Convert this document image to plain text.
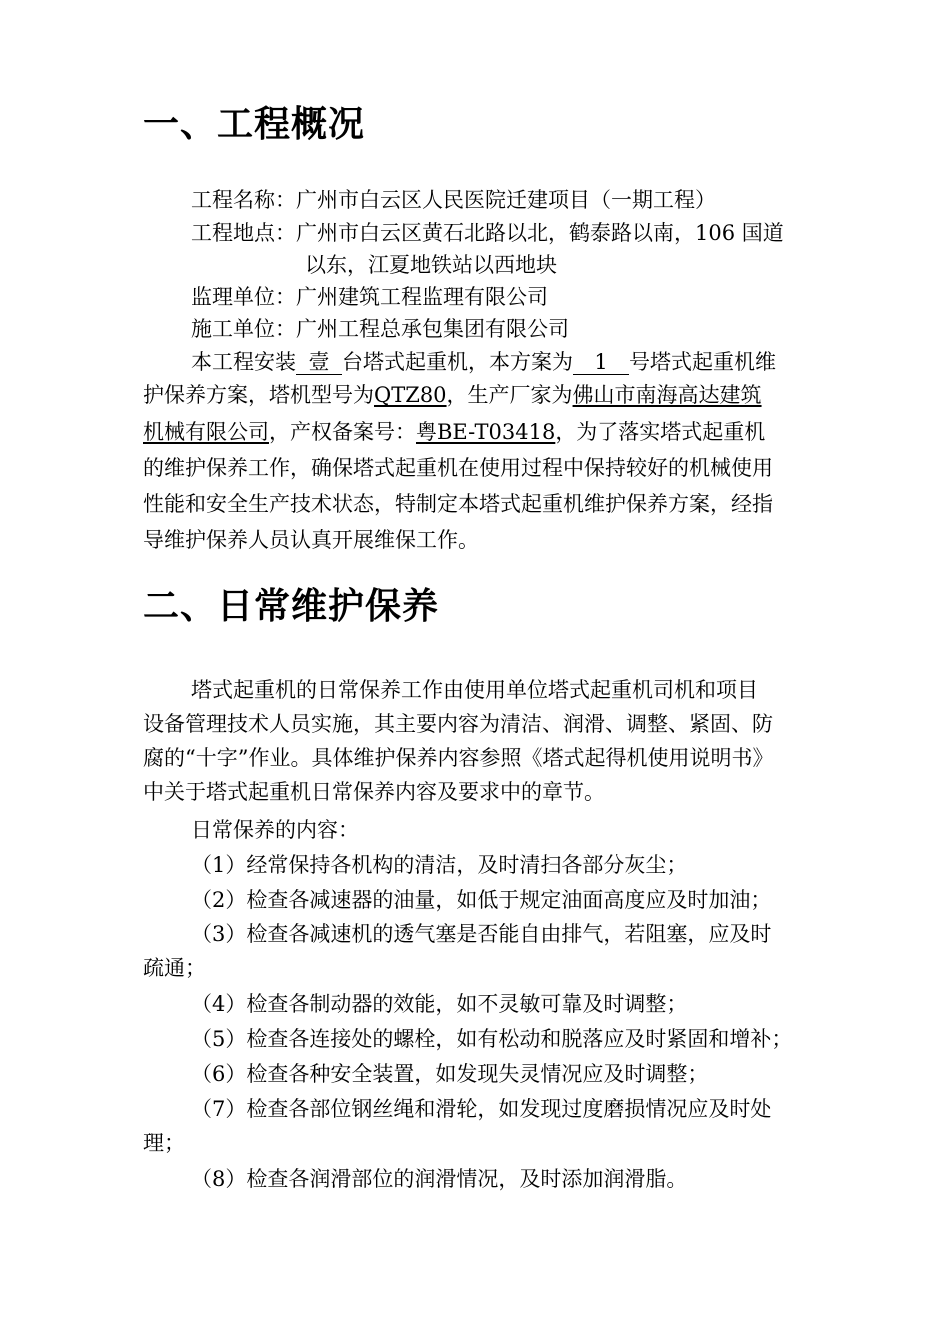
一、工程概况
工程名称：广州市白云区人民医院迁建项目（一期工程）
工程地点：广州市白云区黄石北路以北，鹤泰路以南，106 国道
以东，江夏地铁站以西地块
监理单位：广州建筑工程监理有限公司
施工单位：广州工程总承包集团有限公司
本工程安装 壹 台塔式起重机，本方案为 1 号塔式起重机维
护保养方案，塔机型号为QTZ80，生产厂家为佛山市南海高达建筑
机械有限公司，产权备案号：粤BE-T03418，为了落实塔式起重机
的维护保养工作，确保塔式起重机在使用过程中保持较好的机械使用
性能和安全生产技术状态，特制定本塔式起重机维护保养方案，经指
导维护保养人员认真开展维保工作。
二、日常维护保养
塔式起重机的日常保养工作由使用单位塔式起重机司机和项目
设备管理技术人员实施，其主要内容为清洁、润滑、调整、紧固、防
腐的“十字”作业。具体维护保养内容参照《塔式起得机使用说明书》
中关于塔式起重机日常保养内容及要求中的章节。
日常保养的内容：
（1）经常保持各机构的清洁，及时清扫各部分灰尘；
（2）检查各减速器的油量，如低于规定油面高度应及时加油；
（3）检查各减速机的透气塞是否能自由排气，若阻塞，应及时
疏通；
（4）检查各制动器的效能，如不灵敏可靠及时调整；
（5）检查各连接处的螺栓，如有松动和脱落应及时紧固和增补；
（6）检查各种安全装置，如发现失灵情况应及时调整；
（7）检查各部位钢丝绳和滑轮，如发现过度磨损情况应及时处
理；
（8）检查各润滑部位的润滑情况，及时添加润滑脂。
